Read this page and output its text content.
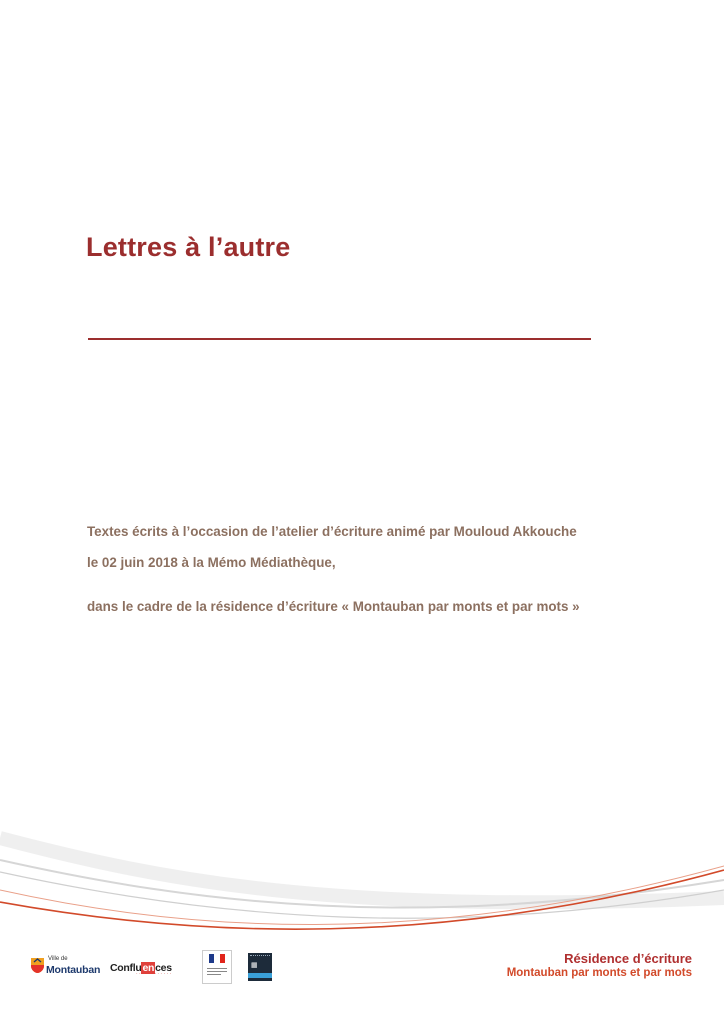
Lettres à l’autre

Textes écrits à l’occasion de l’atelier d’écriture animé par Mouloud Akkouche

le 02 juin 2018 à la Mémo Médiathèque,

dans le cadre de la résidence d’écriture « Montauban par monts et par mots »

Ville de
Montauban Confluences
· · · · · · · · · · · ·
▦	Résidence d’écriture

Montauban par monts et par mots
